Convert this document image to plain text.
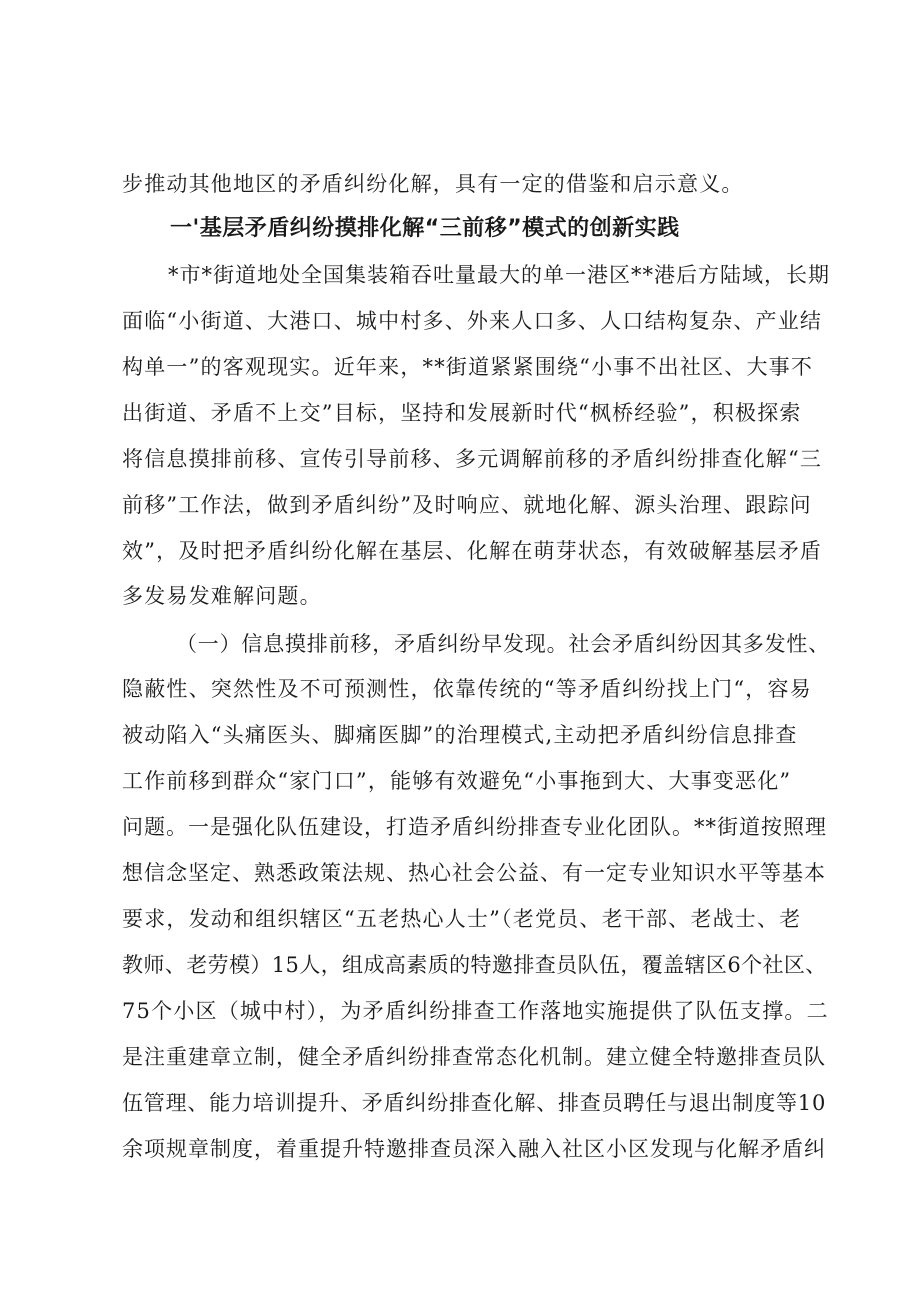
步推动其他地区的矛盾纠纷化解，具有一定的借鉴和启示意义。
一'基层矛盾纠纷摸排化解“三前移”模式的创新实践
*市*街道地处全国集装箱吞吐量最大的单一港区**港后方陆域，长期
面临“小街道、大港口、城中村多、外来人口多、人口结构复杂、产业结
构单一”的客观现实。近年来，**街道紧紧围绕“小事不出社区、大事不
出街道、矛盾不上交”目标，坚持和发展新时代“枫桥经验”，积极探索
将信息摸排前移、宣传引导前移、多元调解前移的矛盾纠纷排查化解“三
前移”工作法，做到矛盾纠纷”及时响应、就地化解、源头治理、跟踪问
效”，及时把矛盾纠纷化解在基层、化解在萌芽状态，有效破解基层矛盾
多发易发难解问题。
（一）信息摸排前移，矛盾纠纷早发现。社会矛盾纠纷因其多发性、
隐蔽性、突然性及不可预测性，依靠传统的“等矛盾纠纷找上门“，容易
被动陷入“头痛医头、脚痛医脚”的治理模式,主动把矛盾纠纷信息排查
工作前移到群众“家门口”，能够有效避免“小事拖到大、大事变恶化”
问题。一是强化队伍建设，打造矛盾纠纷排查专业化团队。**街道按照理
想信念坚定、熟悉政策法规、热心社会公益、有一定专业知识水平等基本
要求，发动和组织辖区“五老热心人士”（老党员、老干部、老战士、老
教师、老劳模）15人，组成高素质的特邀排查员队伍，覆盖辖区6个社区、
75个小区（城中村），为矛盾纠纷排查工作落地实施提供了队伍支撑。二
是注重建章立制，健全矛盾纠纷排查常态化机制。建立健全特邀排查员队
伍管理、能力培训提升、矛盾纠纷排查化解、排查员聘任与退出制度等10
余项规章制度，着重提升特邀排查员深入融入社区小区发现与化解矛盾纠
